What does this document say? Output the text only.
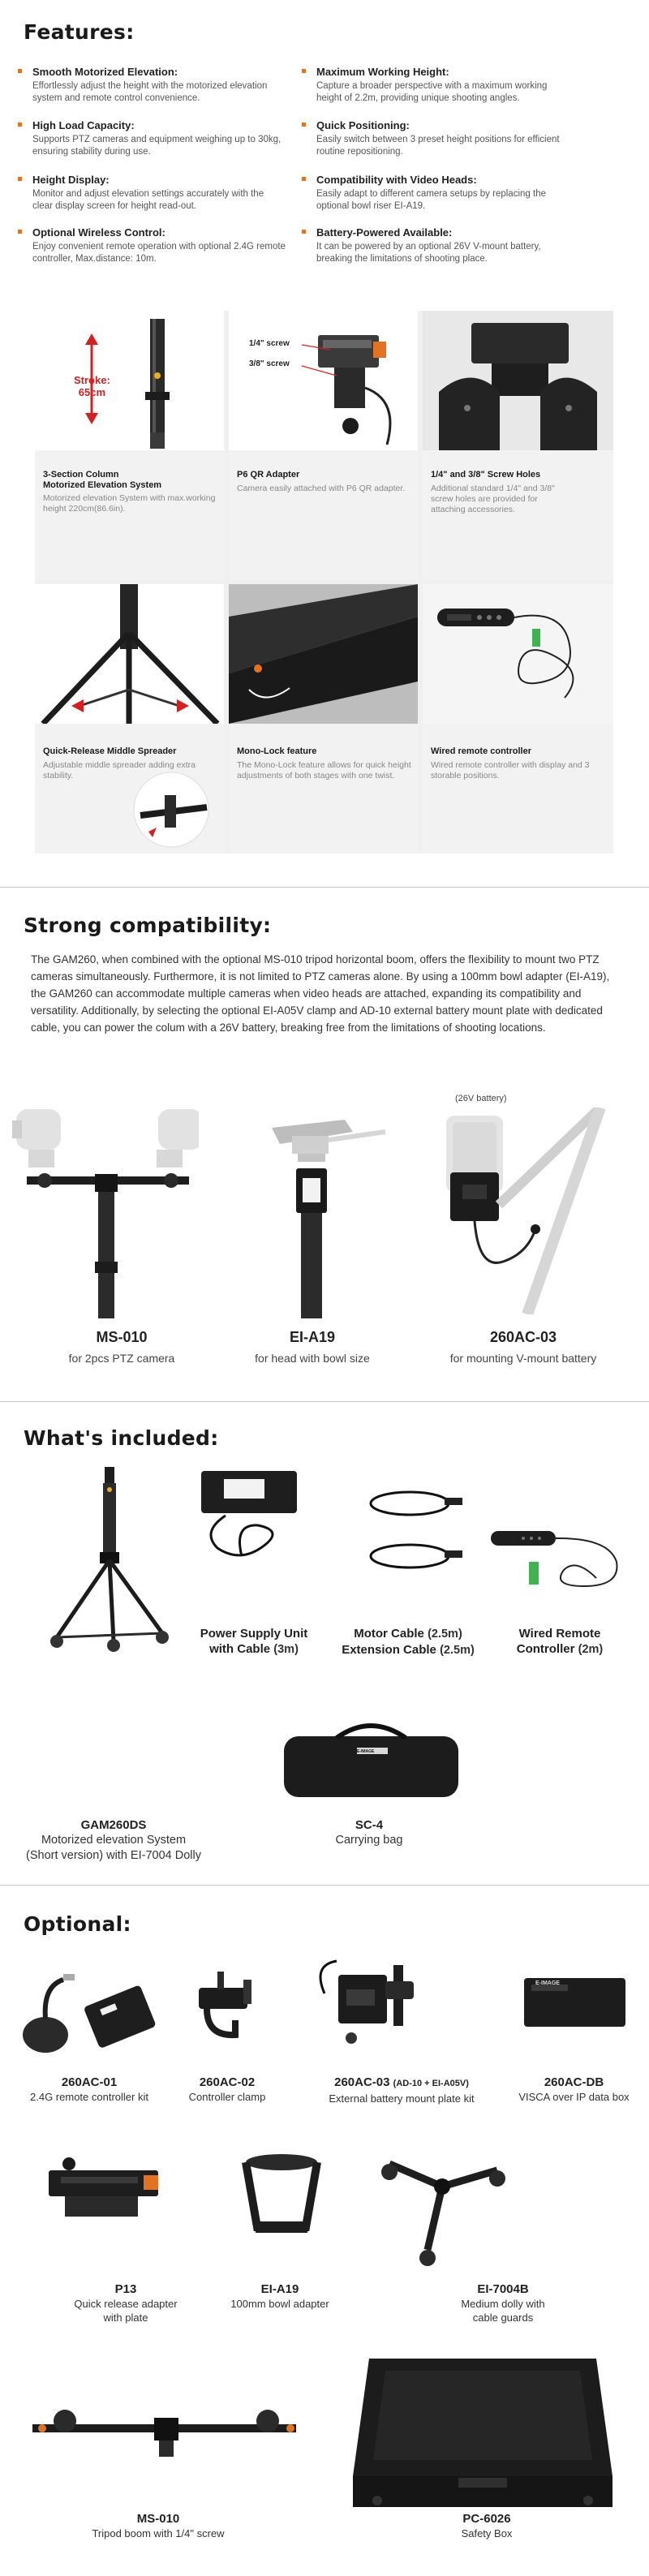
Features:
Smooth Motorized Elevation:
Effortlessly adjust the height with the motorized elevation system and remote control convenience.
Maximum Working Height:
Capture a broader perspective with a maximum working height of 2.2m, providing unique shooting angles.
High Load Capacity:
Supports PTZ cameras and equipment weighing up to 30kg, ensuring stability during use.
Quick Positioning:
Easily switch between 3 preset height positions for efficient routine repositioning.
Height Display:
Monitor and adjust elevation settings accurately with the clear display screen for height read-out.
Compatibility with Video Heads:
Easily adapt to different camera setups by replacing the optional bowl riser EI-A19.
Optional Wireless Control:
Enjoy convenient remote operation with optional 2.4G remote controller, Max.distance: 10m.
Battery-Powered Available:
It can be powered by an optional 26V V-mount battery, breaking the limitations of shooting place.
Stroke:
65cm
3-Section Column
Motorized Elevation System
Motorized elevation System with max.working height 220cm(86.6in).
1/4" screw
3/8" screw
P6 QR Adapter
Camera easily attached with P6 QR adapter.
1/4" and 3/8" Screw Holes
Additional standard 1/4" and 3/8" screw holes are provided for attaching accessories.
Quick-Release Middle Spreader
Adjustable middle spreader adding extra stability.
Mono-Lock feature
The Mono-Lock feature allows for quick height adjustments of both stages with one twist.
Wired remote controller
Wired remote controller with display and 3 storable positions.
Strong compatibility:
The GAM260, when combined with the optional MS-010 tripod horizontal boom, offers the flexibility to mount two PTZ cameras simultaneously. Furthermore, it is not limited to PTZ cameras alone. By using a 100mm bowl adapter (EI-A19), the GAM260 can accommodate multiple cameras when video heads are attached, expanding its compatibility and versatility. Additionally, by selecting the optional EI-A05V clamp and AD-10 external battery mount plate with dedicated cable, you can power the colum with a 26V battery, breaking free from the limitations of shooting locations.
(26V battery)
MS-010
for 2pcs PTZ camera
EI-A19
for head with bowl size
260AC-03
for mounting V-mount battery
What's included:
Power Supply Unit
with Cable (3m)
Motor Cable (2.5m)
Extension Cable (2.5m)
Wired Remote
Controller (2m)
E-IMAGE
GAM260DS
Motorized elevation System
(Short version) with EI-7004 Dolly
SC-4
Carrying bag
Optional:
E-IMAGE
260AC-01
2.4G remote controller kit
260AC-02
Controller clamp
260AC-03 (AD-10 + EI-A05V)
External battery mount plate kit
260AC-DB
VISCA over IP data box
P13
Quick release adapter
with plate
EI-A19
100mm bowl adapter
EI-7004B
Medium dolly with
cable guards
MS-010
Tripod boom with 1/4" screw
PC-6026
Safety Box
